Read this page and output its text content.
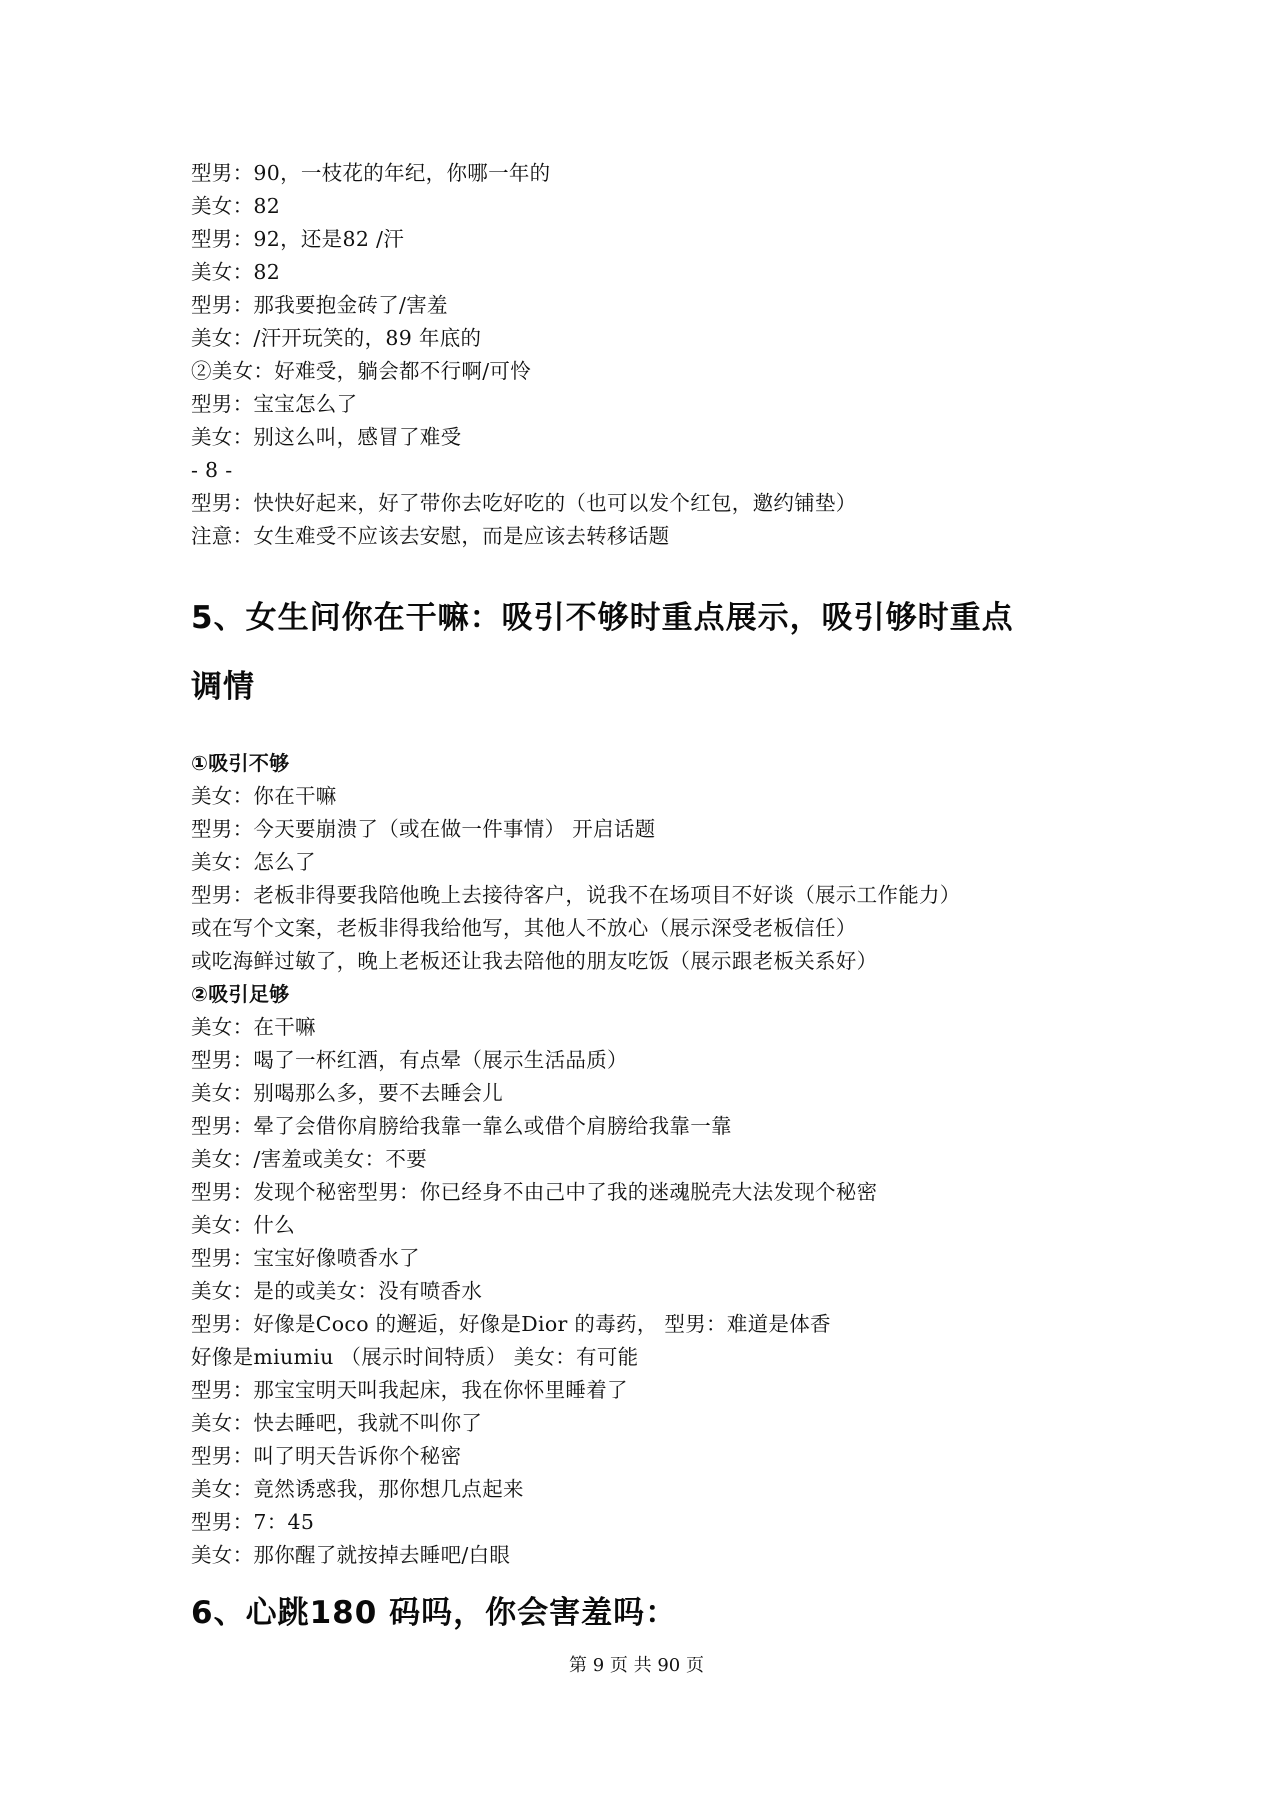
型男：90，一枝花的年纪，你哪一年的
美女：82
型男：92，还是82 /汗
美女：82
型男：那我要抱金砖了/害羞
美女：/汗开玩笑的，89 年底的
②美女：好难受，躺会都不行啊/可怜
型男：宝宝怎么了
美女：别这么叫，感冒了难受
- 8 -
型男：快快好起来，好了带你去吃好吃的（也可以发个红包，邀约铺垫）
注意：女生难受不应该去安慰，而是应该去转移话题
5、女生问你在干嘛：吸引不够时重点展示，吸引够时重点
调情
①吸引不够
美女：你在干嘛
型男：今天要崩溃了（或在做一件事情） 开启话题
美女：怎么了
型男：老板非得要我陪他晚上去接待客户，说我不在场项目不好谈（展示工作能力）
或在写个文案，老板非得我给他写，其他人不放心（展示深受老板信任）
或吃海鲜过敏了，晚上老板还让我去陪他的朋友吃饭（展示跟老板关系好）
②吸引足够
美女：在干嘛
型男：喝了一杯红酒，有点晕（展示生活品质）
美女：别喝那么多，要不去睡会儿
型男：晕了会借你肩膀给我靠一靠么或借个肩膀给我靠一靠
美女：/害羞或美女：不要
型男：发现个秘密型男：你已经身不由己中了我的迷魂脱壳大法发现个秘密
美女：什么
型男：宝宝好像喷香水了
美女：是的或美女：没有喷香水
型男：好像是Coco 的邂逅，好像是Dior 的毒药， 型男：难道是体香
好像是miumiu （展示时间特质） 美女：有可能
型男：那宝宝明天叫我起床，我在你怀里睡着了
美女：快去睡吧，我就不叫你了
型男：叫了明天告诉你个秘密
美女：竟然诱惑我，那你想几点起来
型男：7：45
美女：那你醒了就按掉去睡吧/白眼
6、心跳180 码吗，你会害羞吗：
第 9 页 共 90 页
